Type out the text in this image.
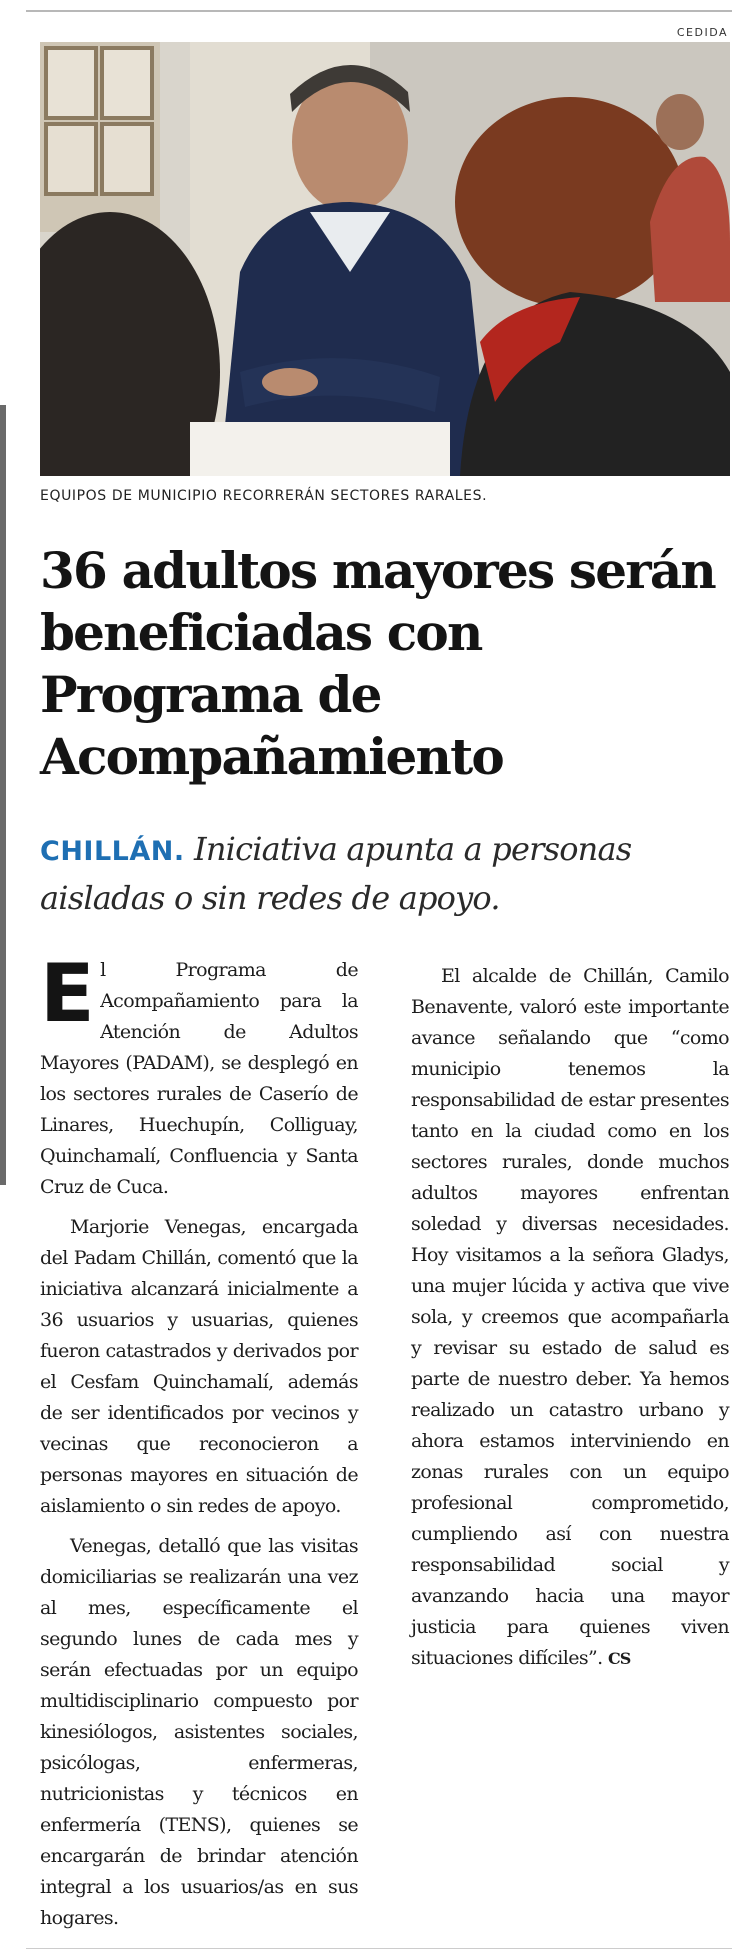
CEDIDA
EQUIPOS DE MUNICIPIO RECORRERÁN SECTORES RARALES.
36 adultos mayores serán beneficiadas con Programa de Acompañamiento
CHILLÁN. Iniciativa apunta a personas aisladas o sin redes de apoyo.

El Programa de Acompañamiento para la Atención de Adultos Mayores (PADAM), se desplegó en los sectores rurales de Caserío de Linares, Huechupín, Colliguay, Quinchamalí, Confluencia y Santa Cruz de Cuca.

Marjorie Venegas, encargada del Padam Chillán, comentó que la iniciativa alcanzará inicialmente a 36 usuarios y usuarias, quienes fueron catastrados y derivados por el Cesfam Quinchamalí, además de ser identificados por vecinos y vecinas que reconocieron a personas mayores en situación de aislamiento o sin redes de apoyo.

Venegas, detalló que las visitas domiciliarias se realizarán una vez al mes, específicamente el segundo lunes de cada mes y serán efectuadas por un equipo multidisciplinario compuesto por kinesiólogos, asistentes sociales, psicólogas, enfermeras, nutricionistas y técnicos en enfermería (TENS), quienes se encargarán de brindar atención integral a los usuarios/as en sus hogares.

El alcalde de Chillán, Camilo Benavente, valoró este importante avance señalando que “como municipio tenemos la responsabilidad de estar presentes tanto en la ciudad como en los sectores rurales, donde muchos adultos mayores enfrentan soledad y diversas necesidades. Hoy visitamos a la señora Gladys, una mujer lúcida y activa que vive sola, y creemos que acompañarla y revisar su estado de salud es parte de nuestro deber. Ya hemos realizado un catastro urbano y ahora estamos interviniendo en zonas rurales con un equipo profesional comprometido, cumpliendo así con nuestra responsabilidad social y avanzando hacia una mayor justicia para quienes viven situaciones difíciles”. CS
